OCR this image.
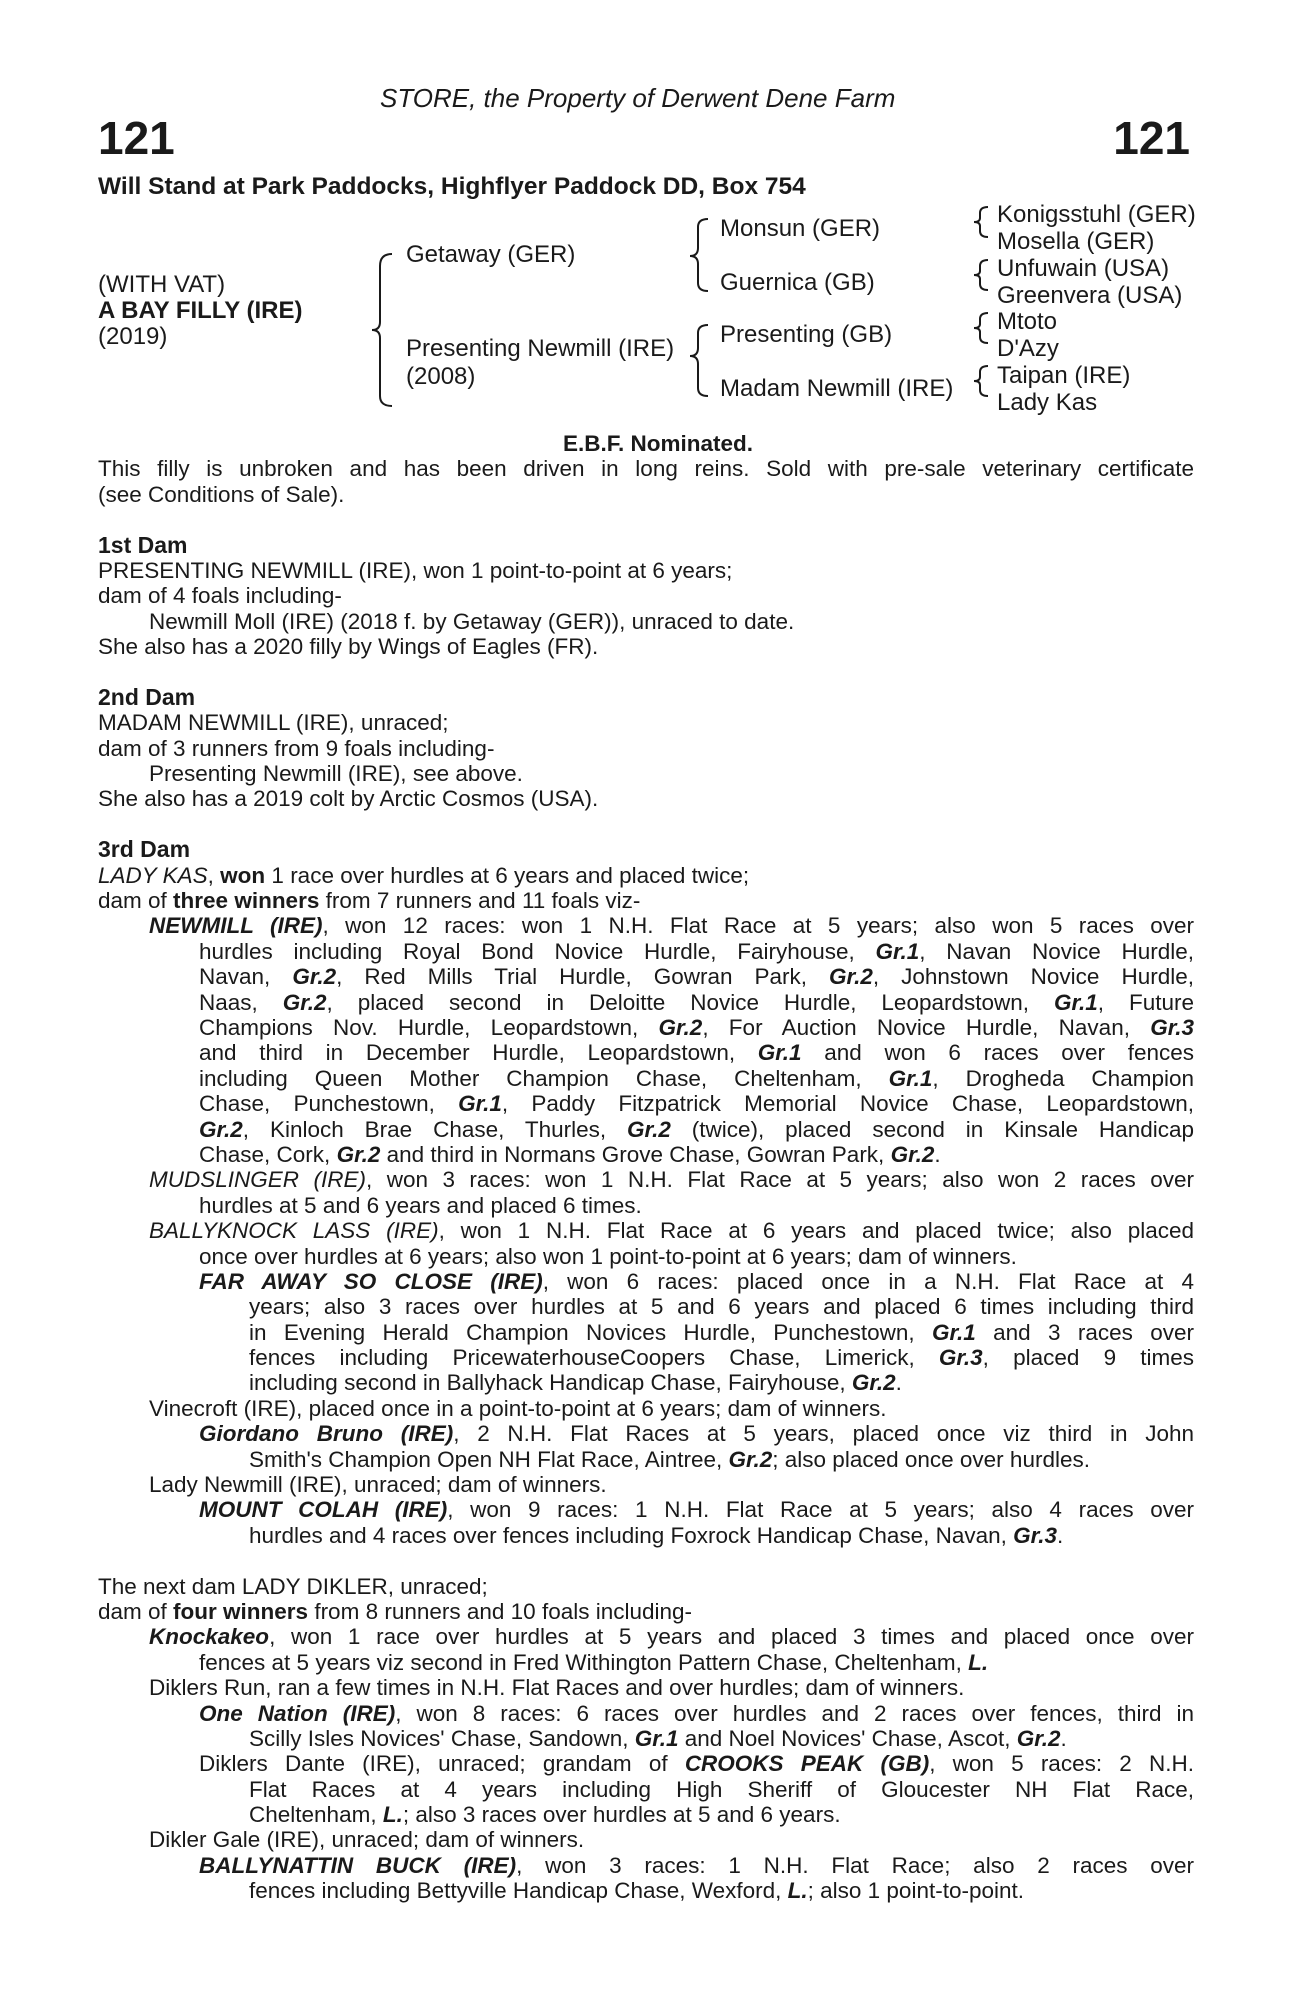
STORE, the Property of Derwent Dene Farm
121	121
Will Stand at Park Paddocks, Highflyer Paddock DD, Box 754
(WITH VAT)
A BAY FILLY (IRE)
(2019)
Getaway (GER)
Presenting Newmill (IRE)
(2008)
Monsun (GER)
Guernica (GB)
Presenting (GB)
Madam Newmill (IRE)
Konigsstuhl (GER)
Mosella (GER)
Unfuwain (USA)
Greenvera (USA)
Mtoto
D'Azy
Taipan (IRE)
Lady Kas
E.B.F. Nominated.
This filly is unbroken and has been driven in long reins. Sold with pre-sale veterinary certificate
(see Conditions of Sale).
1st Dam
PRESENTING NEWMILL (IRE), won 1 point-to-point at 6 years;
dam of 4 foals including-
Newmill Moll (IRE) (2018 f. by Getaway (GER)), unraced to date.
She also has a 2020 filly by Wings of Eagles (FR).
2nd Dam
MADAM NEWMILL (IRE), unraced;
dam of 3 runners from 9 foals including-
Presenting Newmill (IRE), see above.
She also has a 2019 colt by Arctic Cosmos (USA).
3rd Dam
LADY KAS, won 1 race over hurdles at 6 years and placed twice;
dam of three winners from 7 runners and 11 foals viz-
NEWMILL (IRE), won 12 races: won 1 N.H. Flat Race at 5 years; also won 5 races over
hurdles including Royal Bond Novice Hurdle, Fairyhouse, Gr.1, Navan Novice Hurdle,
Navan, Gr.2, Red Mills Trial Hurdle, Gowran Park, Gr.2, Johnstown Novice Hurdle,
Naas, Gr.2, placed second in Deloitte Novice Hurdle, Leopardstown, Gr.1, Future
Champions Nov. Hurdle, Leopardstown, Gr.2, For Auction Novice Hurdle, Navan, Gr.3
and third in December Hurdle, Leopardstown, Gr.1 and won 6 races over fences
including Queen Mother Champion Chase, Cheltenham, Gr.1, Drogheda Champion
Chase, Punchestown, Gr.1, Paddy Fitzpatrick Memorial Novice Chase, Leopardstown,
Gr.2, Kinloch Brae Chase, Thurles, Gr.2 (twice), placed second in Kinsale Handicap
Chase, Cork, Gr.2 and third in Normans Grove Chase, Gowran Park, Gr.2.
MUDSLINGER (IRE), won 3 races: won 1 N.H. Flat Race at 5 years; also won 2 races over
hurdles at 5 and 6 years and placed 6 times.
BALLYKNOCK LASS (IRE), won 1 N.H. Flat Race at 6 years and placed twice; also placed
once over hurdles at 6 years; also won 1 point-to-point at 6 years; dam of winners.
FAR AWAY SO CLOSE (IRE), won 6 races: placed once in a N.H. Flat Race at 4
years; also 3 races over hurdles at 5 and 6 years and placed 6 times including third
in Evening Herald Champion Novices Hurdle, Punchestown, Gr.1 and 3 races over
fences including PricewaterhouseCoopers Chase, Limerick, Gr.3, placed 9 times
including second in Ballyhack Handicap Chase, Fairyhouse, Gr.2.
Vinecroft (IRE), placed once in a point-to-point at 6 years; dam of winners.
Giordano Bruno (IRE), 2 N.H. Flat Races at 5 years, placed once viz third in John
Smith's Champion Open NH Flat Race, Aintree, Gr.2; also placed once over hurdles.
Lady Newmill (IRE), unraced; dam of winners.
MOUNT COLAH (IRE), won 9 races: 1 N.H. Flat Race at 5 years; also 4 races over
hurdles and 4 races over fences including Foxrock Handicap Chase, Navan, Gr.3.
The next dam LADY DIKLER, unraced;
dam of four winners from 8 runners and 10 foals including-
Knockakeo, won 1 race over hurdles at 5 years and placed 3 times and placed once over
fences at 5 years viz second in Fred Withington Pattern Chase, Cheltenham, L.
Diklers Run, ran a few times in N.H. Flat Races and over hurdles; dam of winners.
One Nation (IRE), won 8 races: 6 races over hurdles and 2 races over fences, third in
Scilly Isles Novices' Chase, Sandown, Gr.1 and Noel Novices' Chase, Ascot, Gr.2.
Diklers Dante (IRE), unraced; grandam of CROOKS PEAK (GB), won 5 races: 2 N.H.
Flat Races at 4 years including High Sheriff of Gloucester NH Flat Race,
Cheltenham, L.; also 3 races over hurdles at 5 and 6 years.
Dikler Gale (IRE), unraced; dam of winners.
BALLYNATTIN BUCK (IRE), won 3 races: 1 N.H. Flat Race; also 2 races over
fences including Bettyville Handicap Chase, Wexford, L.; also 1 point-to-point.
